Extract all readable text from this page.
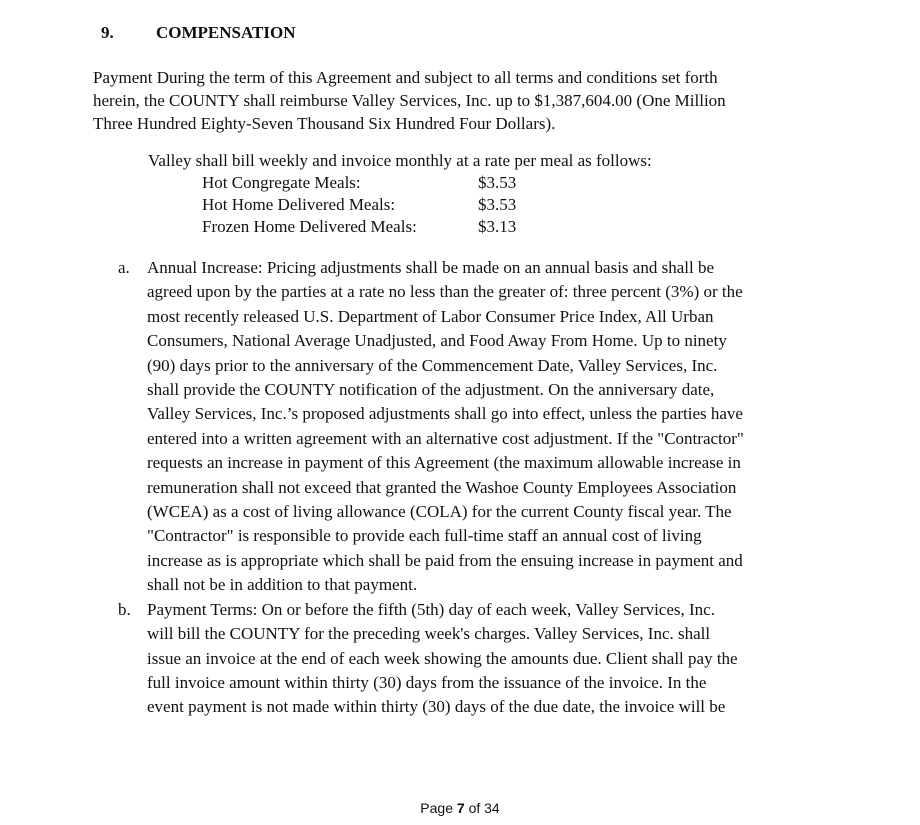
9. COMPENSATION
Payment During the term of this Agreement and subject to all terms and conditions set forth
herein, the COUNTY shall reimburse Valley Services, Inc. up to $1,387,604.00 (One Million
Three Hundred Eighty-Seven Thousand Six Hundred Four Dollars).
Valley shall bill weekly and invoice monthly at a rate per meal as follows:
Hot Congregate Meals:	$3.53
Hot Home Delivered Meals:	$3.53
Frozen Home Delivered Meals:	$3.13
a. Annual Increase: Pricing adjustments shall be made on an annual basis and shall be
agreed upon by the parties at a rate no less than the greater of: three percent (3%) or the
most recently released U.S. Department of Labor Consumer Price Index, All Urban
Consumers, National Average Unadjusted, and Food Away From Home. Up to ninety
(90) days prior to the anniversary of the Commencement Date, Valley Services, Inc.
shall provide the COUNTY notification of the adjustment. On the anniversary date,
Valley Services, Inc.’s proposed adjustments shall go into effect, unless the parties have
entered into a written agreement with an alternative cost adjustment. If the "Contractor"
requests an increase in payment of this Agreement (the maximum allowable increase in
remuneration shall not exceed that granted the Washoe County Employees Association
(WCEA) as a cost of living allowance (COLA) for the current County fiscal year. The
"Contractor" is responsible to provide each full-time staff an annual cost of living
increase as is appropriate which shall be paid from the ensuing increase in payment and
shall not be in addition to that payment.
b. Payment Terms: On or before the fifth (5th) day of each week, Valley Services, Inc.
will bill the COUNTY for the preceding week's charges. Valley Services, Inc. shall
issue an invoice at the end of each week showing the amounts due. Client shall pay the
full invoice amount within thirty (30) days from the issuance of the invoice. In the
event payment is not made within thirty (30) days of the due date, the invoice will be
Page 7 of 34
